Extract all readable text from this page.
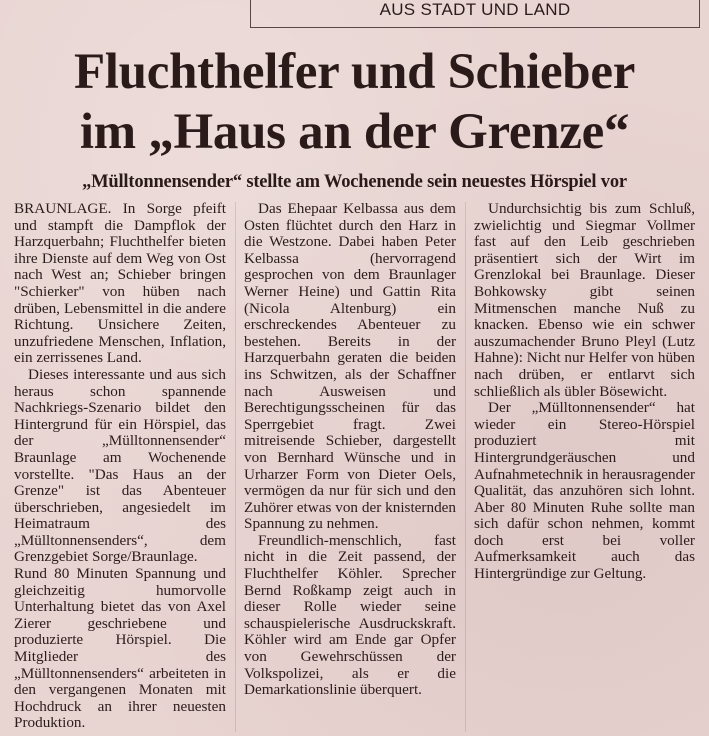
AUS STADT UND LAND
Fluchthelfer und Schieber
im „Haus an der Grenze“
„Mülltonnensender“ stellte am Wochenende sein neuestes Hörspiel vor

BRAUNLAGE. In Sorge pfeift und stampft die Dampflok der Harzquerbahn; Fluchthelfer bieten ihre Dienste auf dem Weg von Ost nach West an; Schieber bringen "Schierker" von hüben nach drüben, Lebensmittel in die andere Richtung. Unsichere Zeiten, unzufriedene Menschen, Inflation, ein zerrissenes Land.

Dieses interessante und aus sich heraus schon spannende Nachkriegs-Szenario bildet den Hintergrund für ein Hörspiel, das der „Mülltonnensender“ Braunlage am Wochenende vorstellte. "Das Haus an der Grenze" ist das Abenteuer überschrieben, angesiedelt im Heimatraum des „Mülltonnensenders“, dem Grenzgebiet Sorge/Braunlage.

Rund 80 Minuten Spannung und gleichzeitig humorvolle Unterhaltung bietet das von Axel Zierer geschriebene und produzierte Hörspiel. Die Mitglieder des „Mülltonnensenders“ arbeiteten in den vergangenen Monaten mit Hochdruck an ihrer neuesten Produktion.

Das Ehepaar Kelbassa aus dem Osten flüchtet durch den Harz in die Westzone. Dabei haben Peter Kelbassa (hervorragend gesprochen von dem Braunlager Werner Heine) und Gattin Rita (Nicola Altenburg) ein erschreckendes Abenteuer zu bestehen. Bereits in der Harzquerbahn geraten die beiden ins Schwitzen, als der Schaffner nach Ausweisen und Berechtigungsscheinen für das Sperrgebiet fragt. Zwei mitreisende Schieber, dargestellt von Bernhard Wünsche und in Urharzer Form von Dieter Oels, vermögen da nur für sich und den Zuhörer etwas von der knisternden Spannung zu nehmen.

Freundlich-menschlich, fast nicht in die Zeit passend, der Fluchthelfer Köhler. Sprecher Bernd Roßkamp zeigt auch in dieser Rolle wieder seine schauspielerische Ausdruckskraft. Köhler wird am Ende gar Opfer von Gewehrschüssen der Volkspolizei, als er die Demarkationslinie überquert.

Undurchsichtig bis zum Schluß, zwielichtig und Siegmar Vollmer fast auf den Leib geschrieben präsentiert sich der Wirt im Grenzlokal bei Braunlage. Dieser Bohkowsky gibt seinen Mitmenschen manche Nuß zu knacken. Ebenso wie ein schwer auszumachender Bruno Pleyl (Lutz Hahne): Nicht nur Helfer von hüben nach drüben, er entlarvt sich schließlich als übler Bösewicht.

Der „Mülltonnensender“ hat wieder ein Stereo-Hörspiel produziert mit Hintergrundgeräuschen und Aufnahmetechnik in herausragender Qualität, das anzuhören sich lohnt. Aber 80 Minuten Ruhe sollte man sich dafür schon nehmen, kommt doch erst bei voller Aufmerksamkeit auch das Hintergründige zur Geltung.
